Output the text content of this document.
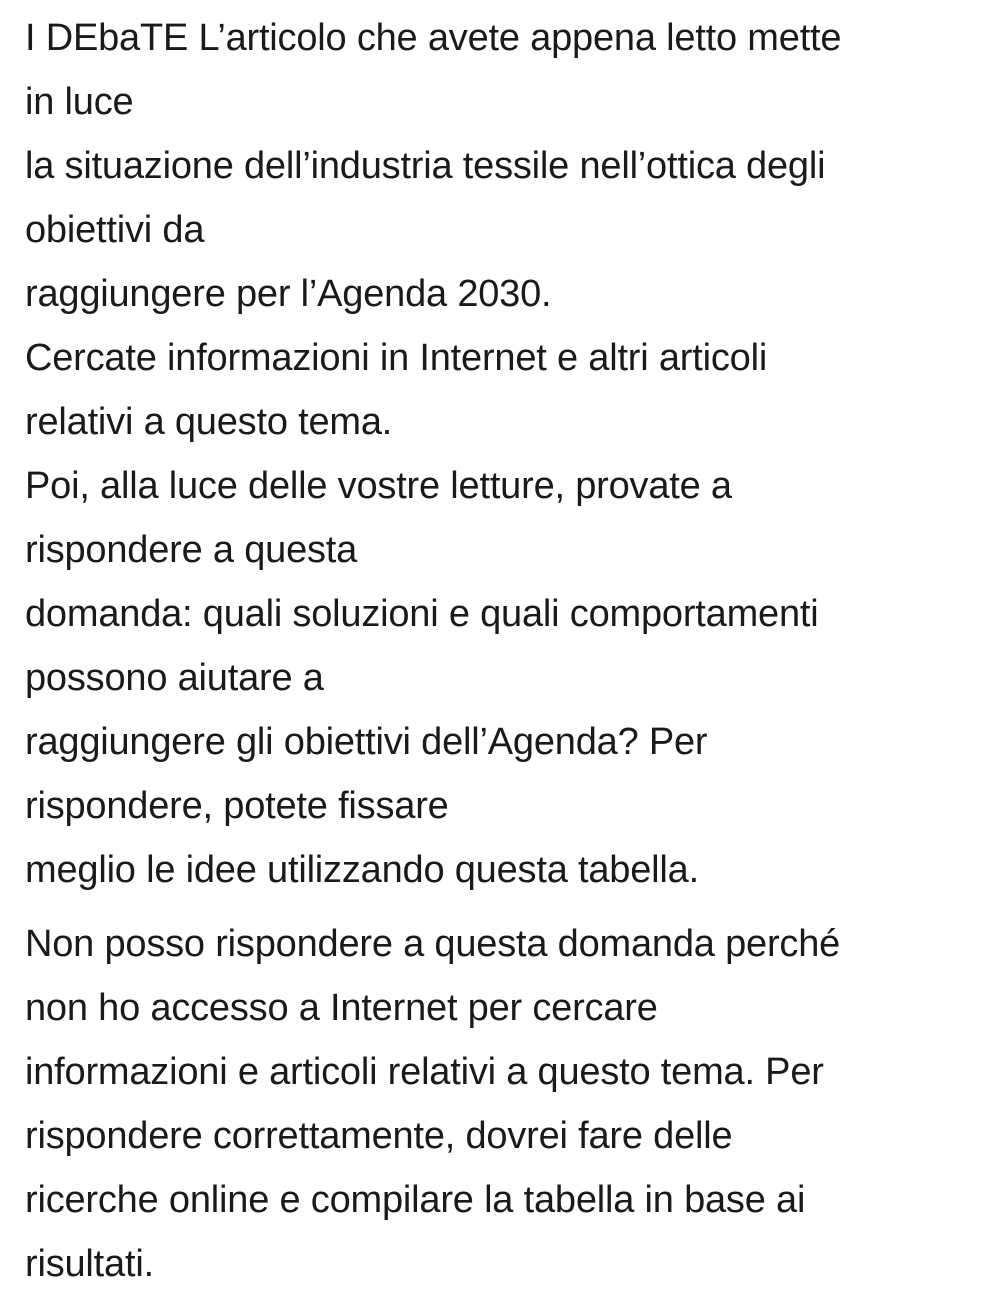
I DEbaTE L’articolo che avete appena letto mette
in luce
la situazione dell’industria tessile nell’ottica degli
obiettivi da
raggiungere per l’Agenda 2030.
Cercate informazioni in Internet e altri articoli
relativi a questo tema.
Poi, alla luce delle vostre letture, provate a
rispondere a questa
domanda: quali soluzioni e quali comportamenti
possono aiutare a
raggiungere gli obiettivi dell’Agenda? Per
rispondere, potete fissare
meglio le idee utilizzando questa tabella.
Non posso rispondere a questa domanda perché
non ho accesso a Internet per cercare
informazioni e articoli relativi a questo tema. Per
rispondere correttamente, dovrei fare delle
ricerche online e compilare la tabella in base ai
risultati.
